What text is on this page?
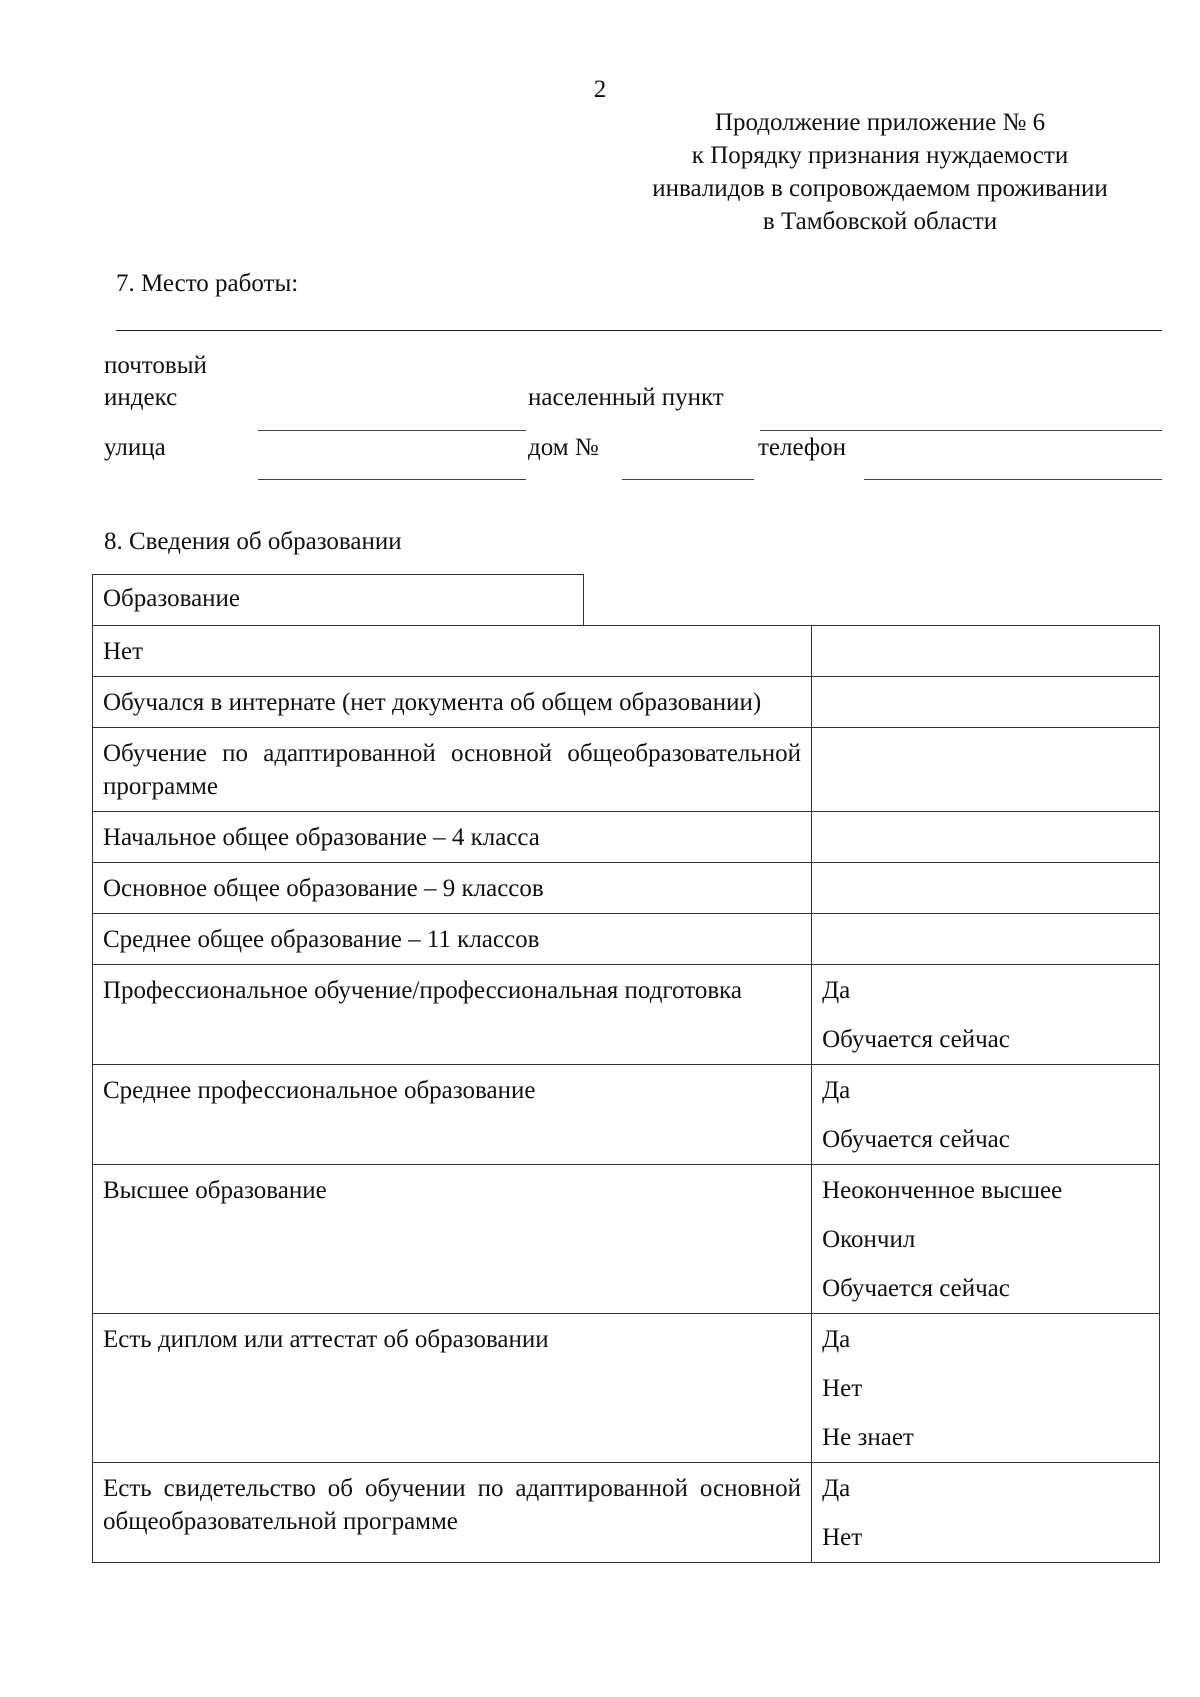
2
Продолжение приложение № 6
к Порядку признания нуждаемости
инвалидов в сопровождаемом проживании
в Тамбовской области
7. Место работы:
почтовый
индекс	населенный пункт
улица	дом №	телефон
8. Сведения об образовании
Образование
Нет	
Обучался в интернате (нет документа об общем образовании)	
Обучение по адаптированной основной общеобразовательной программе	
Начальное общее образование – 4 класса	
Основное общее образование – 9 классов	
Среднее общее образование – 11 классов	
Профессиональное обучение/профессиональная подготовка	Да
Обучается сейчас

Среднее профессиональное образование	Да
Обучается сейчас

Высшее образование	Неоконченное высшее
Окончил
Обучается сейчас

Есть диплом или аттестат об образовании	Да
Нет
Не знает

Есть свидетельство об обучении по адаптированной основной общеобразовательной программе	Да
Нет
